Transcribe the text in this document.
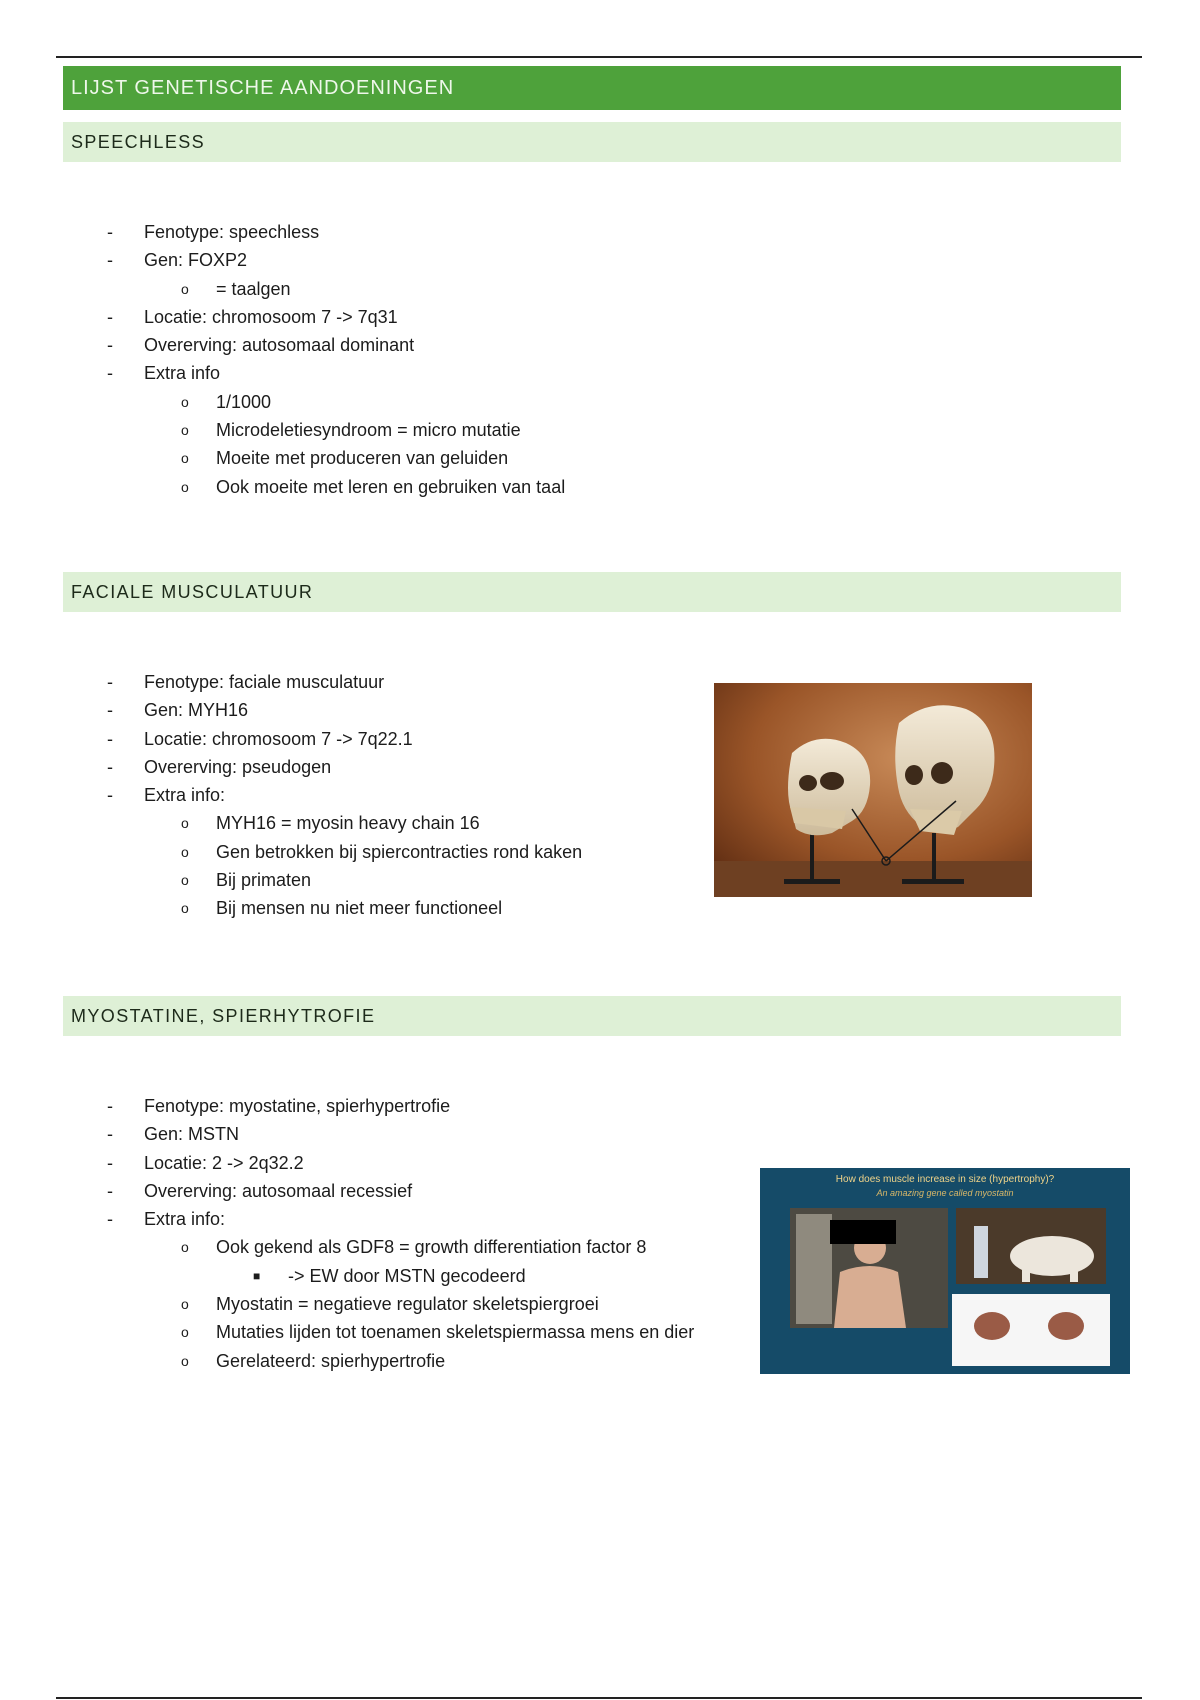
LIJST GENETISCHE AANDOENINGEN
SPEECHLESS
- Fenotype: speechless
- Gen: FOXP2
o = taalgen
- Locatie: chromosoom 7 -> 7q31
- Overerving: autosomaal dominant
- Extra info
o 1/1000
o Microdeletiesyndroom = micro mutatie
o Moeite met produceren van geluiden
o Ook moeite met leren en gebruiken van taal
FACIALE MUSCULATUUR
- Fenotype: faciale musculatuur
- Gen: MYH16
- Locatie: chromosoom 7 -> 7q22.1
- Overerving: pseudogen
- Extra info:
o MYH16 = myosin heavy chain 16
o Gen betrokken bij spiercontracties rond kaken
o Bij primaten
o Bij mensen nu niet meer functioneel
MYOSTATINE, SPIERHYTROFIE
- Fenotype: myostatine, spierhypertrofie
- Gen: MSTN
- Locatie: 2 -> 2q32.2
- Overerving: autosomaal recessief
- Extra info:
o Ook gekend als GDF8 = growth differentiation factor 8
■ -> EW door MSTN gecodeerd
o Myostatin = negatieve regulator skeletspiergroei
o Mutaties lijden tot toenamen skeletspiermassa mens en dier
o Gerelateerd: spierhypertrofie
How does muscle increase in size (hypertrophy)?
An amazing gene called myostatin
